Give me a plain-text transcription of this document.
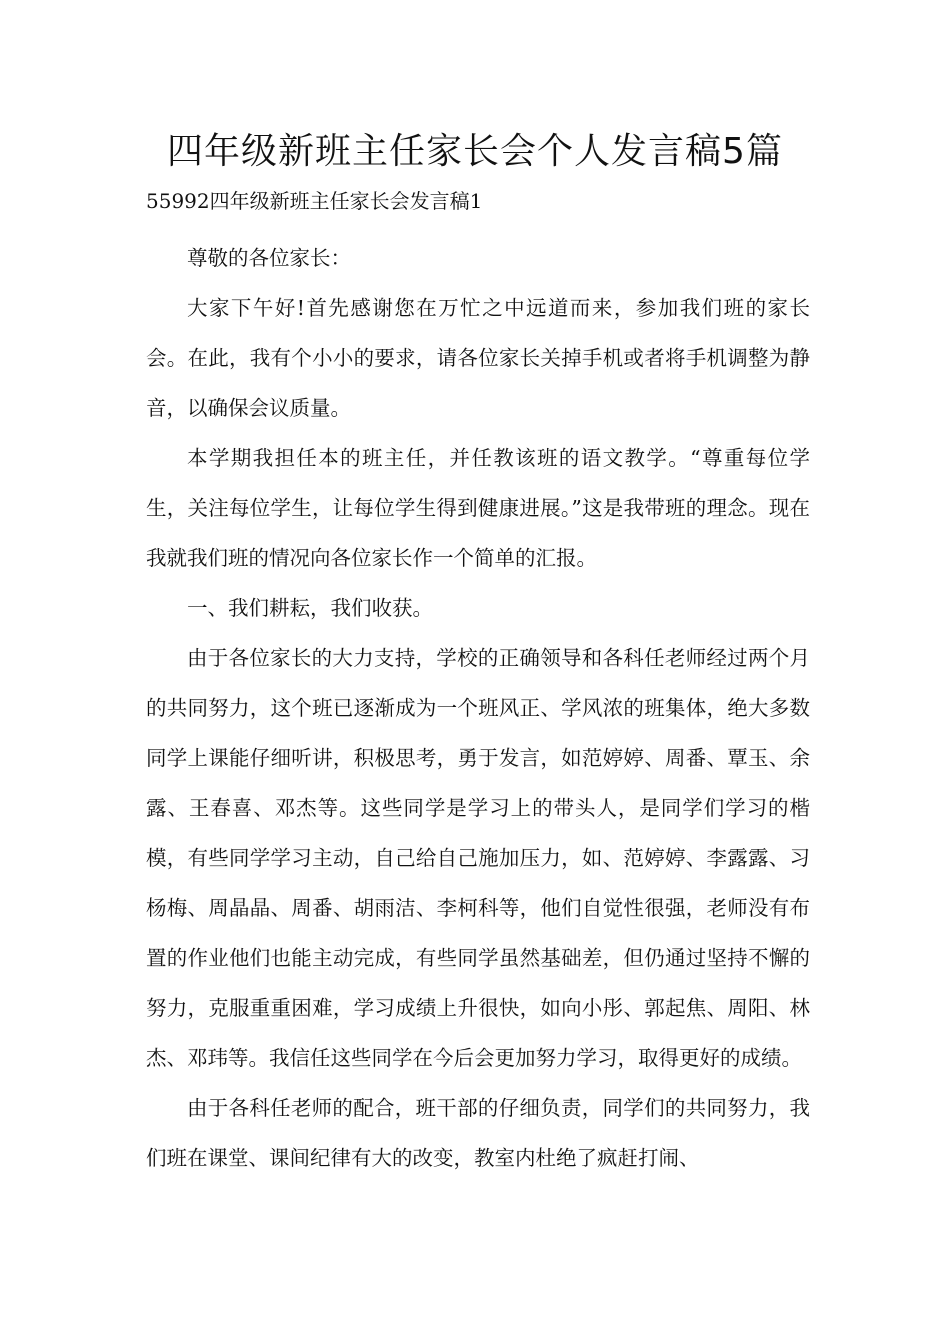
四年级新班主任家长会个人发言稿5篇
55992四年级新班主任家长会发言稿1

尊敬的各位家长：

大家下午好!首先感谢您在万忙之中远道而来，参加我们班的家长会。在此，我有个小小的要求，请各位家长关掉手机或者将手机调整为静音，以确保会议质量。

本学期我担任本的班主任，并任教该班的语文教学。“尊重每位学生，关注每位学生，让每位学生得到健康进展。”这是我带班的理念。现在我就我们班的情况向各位家长作一个简单的汇报。

一、我们耕耘，我们收获。

由于各位家长的大力支持，学校的正确领导和各科任老师经过两个月的共同努力，这个班已逐渐成为一个班风正、学风浓的班集体，绝大多数同学上课能仔细听讲，积极思考，勇于发言，如范婷婷、周番、覃玉、余露、王春喜、邓杰等。这些同学是学习上的带头人，是同学们学习的楷模，有些同学学习主动，自己给自己施加压力，如、范婷婷、李露露、习杨梅、周晶晶、周番、胡雨洁、李柯科等，他们自觉性很强，老师没有布置的作业他们也能主动完成，有些同学虽然基础差，但仍通过坚持不懈的努力，克服重重困难，学习成绩上升很快，如向小彤、郭起焦、周阳、林杰、邓玮等。我信任这些同学在今后会更加努力学习，取得更好的成绩。

由于各科任老师的配合，班干部的仔细负责，同学们的共同努力，我们班在课堂、课间纪律有大的改变，教室内杜绝了疯赶打闹、
